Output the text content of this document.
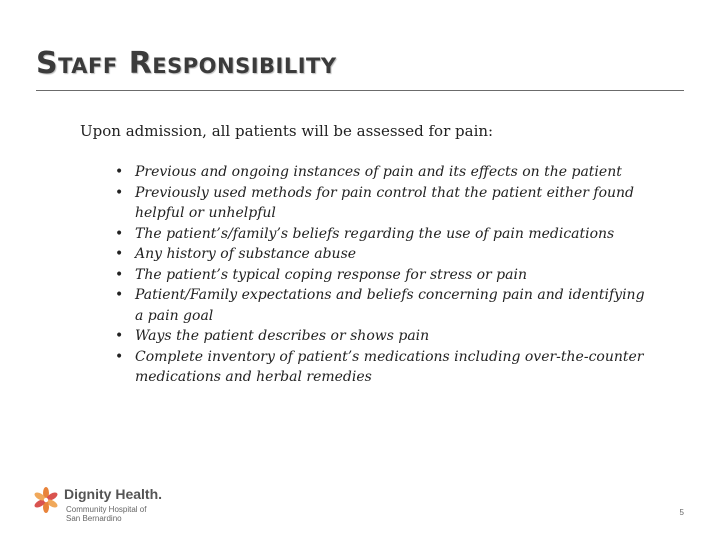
Staff Responsibility
Upon admission, all patients will be assessed for pain:
• Previous and ongoing instances of pain and its effects on the patient
• Previously used methods for pain control that the patient either found helpful or unhelpful
• The patient’s/family’s beliefs regarding the use of pain medications
• Any history of substance abuse
• The patient’s typical coping response for stress or pain
• Patient/Family expectations and beliefs concerning pain and identifying a pain goal
• Ways the patient describes or shows pain
• Complete inventory of patient’s medications including over-the-counter medications and herbal remedies
Dignity Health.
Community Hospital of
San Bernardino
5
